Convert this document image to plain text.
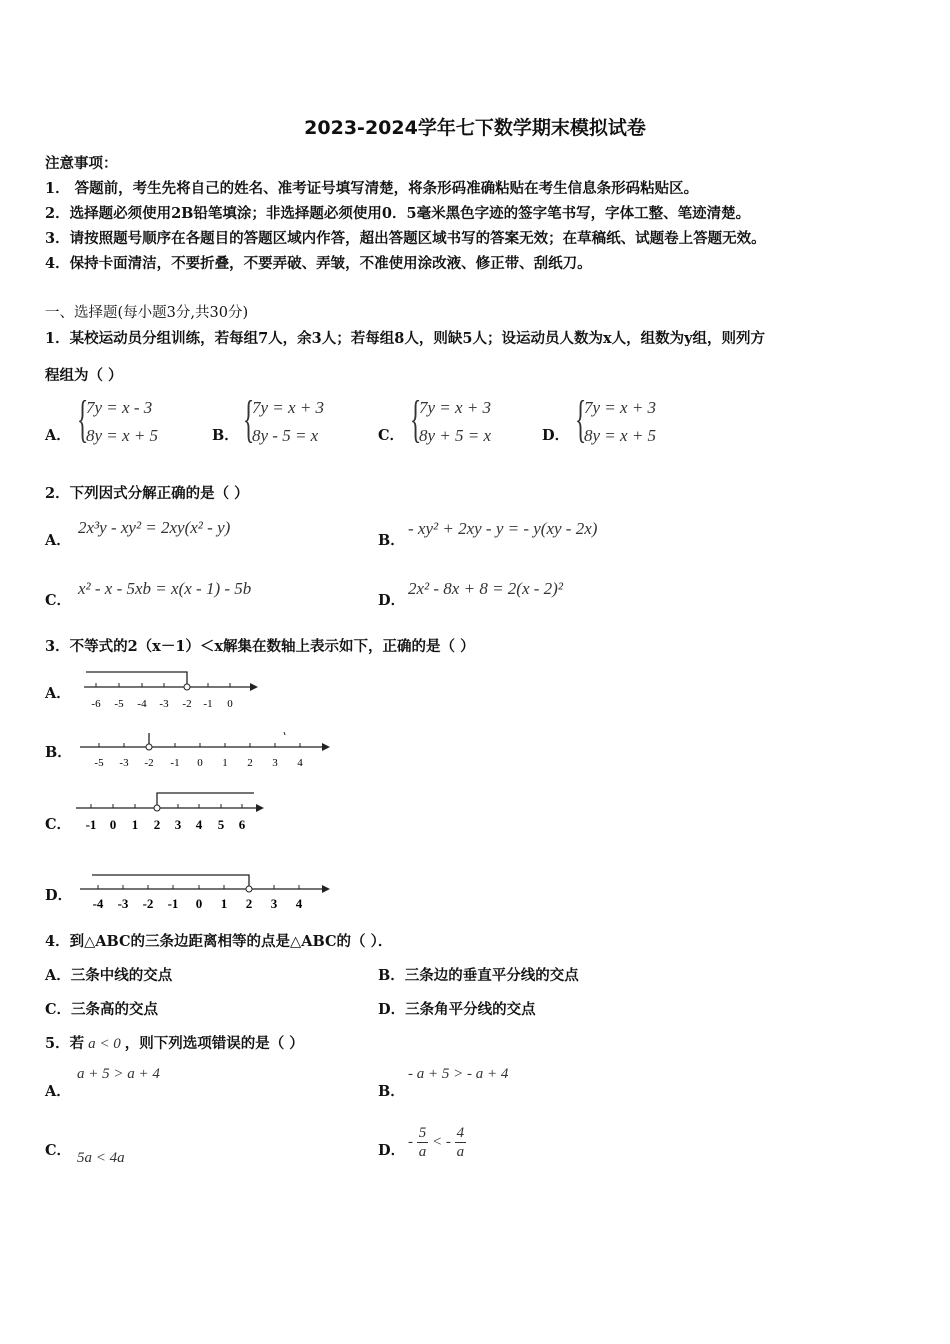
2023-2024学年七下数学期末模拟试卷
注意事项：
1． 答题前，考生先将自己的姓名、准考证号填写清楚，将条形码准确粘贴在考生信息条形码粘贴区。
2．选择题必须使用2B铅笔填涂；非选择题必须使用0．5毫米黑色字迹的签字笔书写，字体工整、笔迹清楚。
3．请按照题号顺序在各题目的答题区域内作答，超出答题区域书写的答案无效；在草稿纸、试题卷上答题无效。
4．保持卡面清洁，不要折叠，不要弄破、弄皱，不准使用涂改液、修正带、刮纸刀。
一、选择题(每小题3分,共30分)
1．某校运动员分组训练，若每组7人，余3人；若每组8人，则缺5人；设运动员人数为x人，组数为y组，则列方
程组为（ ）
A． {
7y = x - 3
8y = x + 5	B． {
7y = x + 3
8y - 5 = x	C． {
7y = x + 3
8y + 5 = x	D． {
7y = x + 3
8y = x + 5
2．下列因式分解正确的是（ ）
A．
2x³y - xy² = 2xy(x² - y)
B．
- xy² + 2xy - y = - y(xy - 2x)
C．
x² - x - 5xb = x(x - 1) - 5b
D．
2x² - 8x + 8 = 2(x - 2)²
3．不等式的2（x－1）＜x解集在数轴上表示如下，正确的是（ ）
A．
-6 -5 -4 -3 -2 -1 0
B．
-5 -3 -2 -1 0 1 2 3 4
C． -1 0 1 2 3 4 5 6
D． -4 -3 -2 -1 0 1 2 3 4
4．到△ABC的三条边距离相等的点是△ABC的（ ）．
A．三条中线的交点	B．三条边的垂直平分线的交点
C．三条高的交点	D．三条角平分线的交点
5．若 a < 0 ，则下列选项错误的是（ ）
A．
a + 5 > a + 4
B．
- a + 5 > - a + 4
C． 5a < 4a	D．
- $\frac{5}{a}$ < - $\frac{4}{a}$
